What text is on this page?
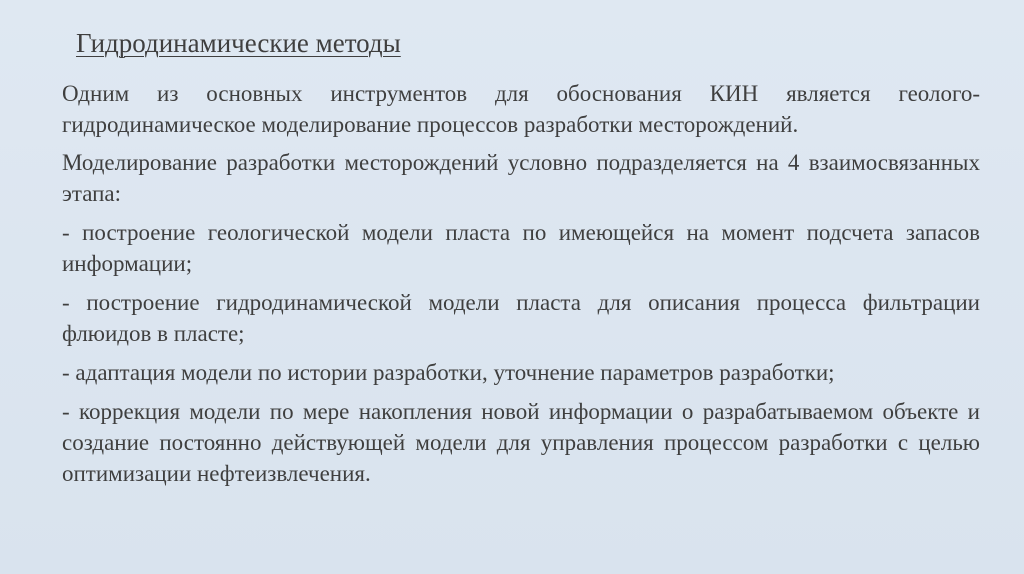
Гидродинамические методы

Одним из основных инструментов для обоснования КИН является геолого-гидродинамическое моделирование процессов разработки месторождений.

Моделирование разработки месторождений условно подразделяется на 4 взаимосвязанных этапа:

- построение геологической модели пласта по имеющейся на момент подсчета запасов информации;

- построение гидродинамической модели пласта для описания процесса фильтрации флюидов в пласте;

- адаптация модели по истории разработки, уточнение параметров разработки;

- коррекция модели по мере накопления новой информации о разрабатываемом объекте и создание постоянно действующей модели для управления процессом разработки с целью оптимизации нефтеизвлечения.
